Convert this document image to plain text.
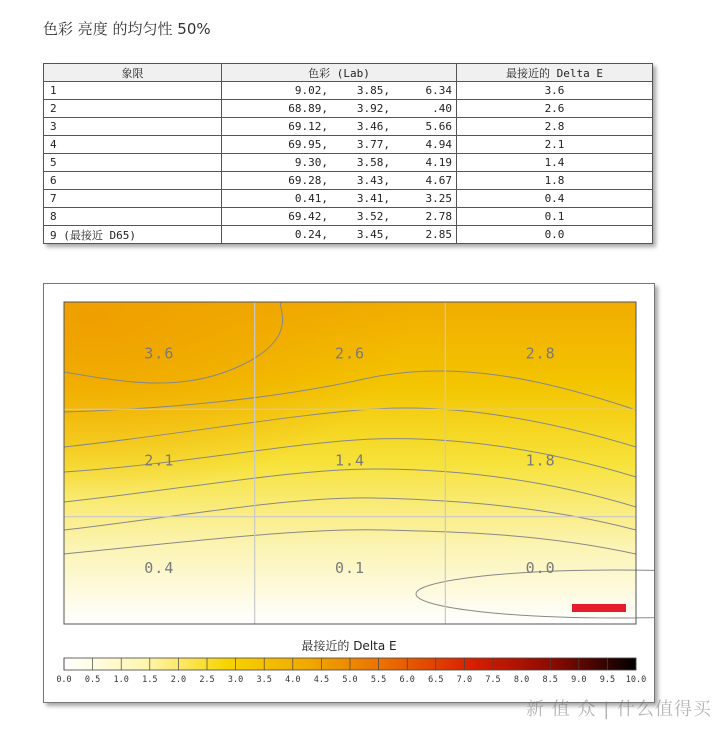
色彩 亮度 的均匀性 50%
象限	色彩 (Lab)	最接近的 Delta E
1	9.02, 3.85, 6.34	3.6
2	68.89, 3.92, .40	2.6
3	69.12, 3.46, 5.66	2.8
4	69.95, 3.77, 4.94	2.1
5	9.30, 3.58, 4.19	1.4
6	69.28, 3.43, 4.67	1.8
7	0.41, 3.41, 3.25	0.4
8	69.42, 3.52, 2.78	0.1
9 (最接近 D65)	0.24, 3.45, 2.85	0.0
3.6	2.6	2.8
2.1	1.4	1.8
0.4	0.1	0.0
最接近的 Delta E
0.0 0.5 1.0 1.5 2.0 2.5 3.0 3.5 4.0 4.5 5.0 5.5 6.0 6.5 7.0 7.5 8.0 8.5 9.0 9.5 10.0
新 值 众 | 什么值得买
